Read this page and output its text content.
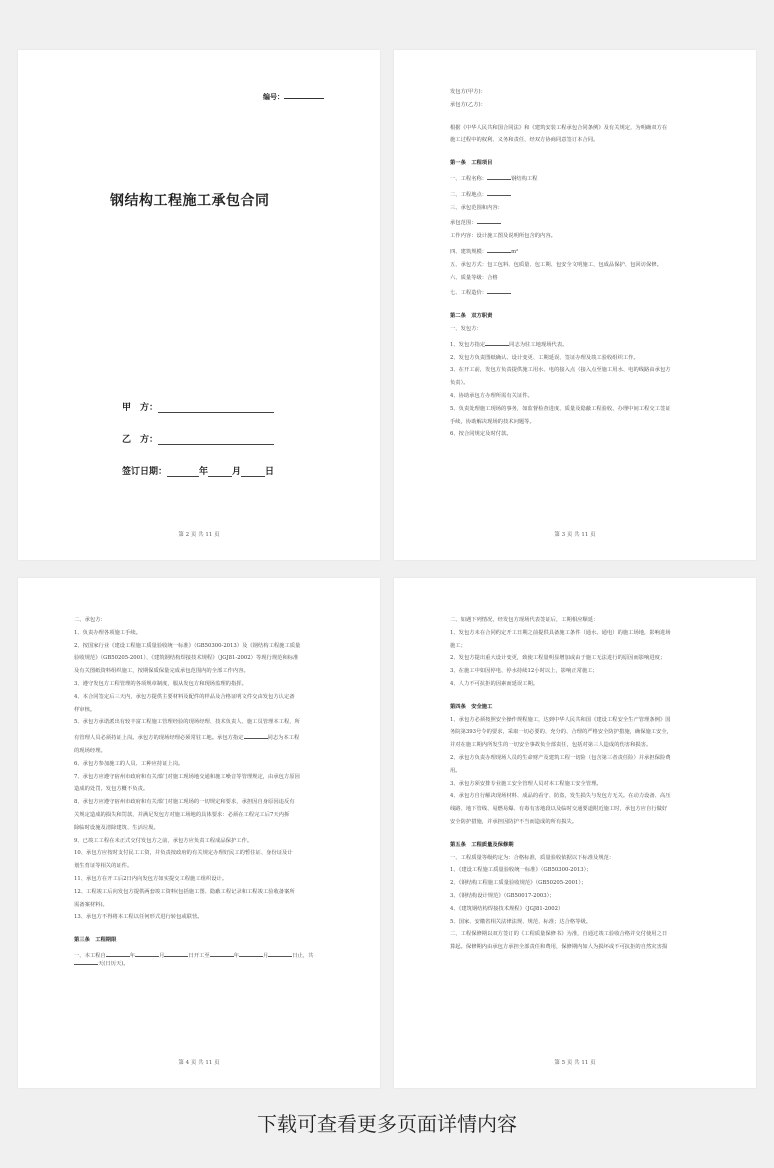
编号：
钢结构工程施工承包合同
甲　方：
乙　方：
签订日期：	年	月	日
第 2 页 共 11 页

发包方(甲方)：

承包方(乙方)：

根据《中华人民共和国合同法》和《建筑安装工程承包合同条例》及有关规定，为明确双方在

施工过程中的权利、义务和责任，经双方协商同意签订本合同。

第一条　工程项目

一、工程名称：	钢结构工程

二、工程地点：

三、承包范围和内容：

承包范围：

工作内容：设计施工图及说明所包含的内容。

四、建筑规模：	m²

五、承包方式：包工包料、包质量、包工期、包安全文明施工、包成品保护、包回访保修。

六、质量等级：合格

七、工程造价：

第二条　双方职责

一、发包方：

1、发包方指定	同志为驻工地现场代表。

2、发包方负责图纸确认、设计变更、工期延误、签证办理及竣工验收组织工作。

3、在开工前，发包方负责提供施工用水、电的接入点（接入点至施工用水、电的线路由承包方

负责）。

4、协助承包方办理所需有关证件。

5、负责处理施工现场的事务，如监督检查进度、质量及隐蔽工程验收，办理中间工程交工签证

手续，协助解决现场的技术问题等。

6、按合同规定及时付款。

第 3 页 共 11 页

二、承包方：

1、负责办理各项施工手续。

2、按国家行业《建设工程施工质量验收统一标准》（GB50300-2013）及《钢结构工程施工质量

验收规范》（GB50205-2001）、《建筑钢结构焊接技术规程》（JGJ81-2002）等现行规范和标准

及有关图纸资料组织施工，按期保质保量完成承包范围内的全部工作内容。

3、遵守发包方工程管理的各项规章制度，服从发包方和现场监理的指挥。

4、本合同签定后三天内，承包方提供主要材料及配件的样品及合格证明文件交由发包方认定备

样审核。

5、承包方承诺派出有较丰富工程施工管理经验的现场经理、技术负责人、施工员管理本工程，所

有管理人员必须持证上岗。承包方的现场经理必须常驻工地。承包方指定	同志为本工程

的现场经理。

6、承包方参加施工的人员、工种应持证上岗。

7、承包方应遵守宿州市政府和有关部门对施工现场地交通和施工噪音等管理规定，由承包方原因

造成的处罚，发包方概不负责。

8、承包方应遵守宿州市政府和有关部门对施工现场的一切规定和要求，承担因自身原因违反有

关规定造成的损失和罚款，并满足发包方对施工场地的具体要求：必须在工程完工后7天内拆

除临时设施及清除建筑、生活垃圾。

9、已竣工工程在未正式交付发包方之前，承包方应负责工程成品保护工作。

10、承包方应按时支付民工工资，并负责按政府的有关规定办理好民工的暂住证、身份证及计

划生育证等相关的证件。

11、承包方在开工后2日内向发包方如实提交工程施工组织设计。

12、工程竣工后向发包方提供两套竣工资料(包括施工图、隐蔽工程记录和工程竣工验收备案所

需备案材料)。

13、承包方不得将本工程以任何形式进行转包或联营。

第三条　工程期限

一、本工程自	年	月	日开工至	年	月	日止，共天(日历天)。

第 4 页 共 11 页

二、如遇下列情况，经发包方现场代表签证后，工期相应顺延：

1、发包方未在合同约定开工日期之前提供具备施工条件（通水、通电）的施工场地，影响进场

施工；

2、发包方提出重大设计变更，致使工程量明显增加或由于施工无法进行的原因而影响进度；

3、在施工中如因停电、停水持续12小时以上，影响正常施工；

4、人力不可抗拒的因素而延误工期。

第四条　安全施工

1、承包方必须按照安全操作规程施工，达到中华人民共和国《建设工程安全生产管理条例》国

务院第393号令的要求，采取一切必要的、充分的、合理的严格安全防护措施，确保施工安全，

并对在施工期内所发生的一切安全事故负全部责任，包括对第三人造成的伤害和损害。

2、承包方负责办理现场人员的生命财产及建筑工程一切险（包含第三者责任险）并承担保险费

用。

3、承包方须安排专业施工安全管理人员对本工程施工安全管理。

4、承包方自行解决现场材料、成品的看守、防盗，发生损失与发包方无关。在动力设备、高压

线路、地下管线、易燃易爆、有毒有害地段以及临时交通要道附近施工时，承包方应自行做好

安全防护措施，并承担因防护不当而造成的所有损失。

第五条　工程质量及保修期

一、工程质量等级约定为：合格标准，质量验收依据以下标准及规范：

1、《建设工程施工质量验收统一标准》（GB50300-2013）；

2、《钢结构工程施工质量验收规范》（GB50205-2001）；

3、《钢结构设计规范》（GB50017-2003）；

4、《建筑钢结构焊接技术规程》（JGJ81-2002）

5、国家、安徽省相关法律法规、规范、标准；达合格等级。

二、工程保修期以双方签订的《工程质量保修书》为准，自通过竣工验收合格并交付使用之日

算起。保修期内由承包方承担全部责任和费用，保修期内如人为损坏或不可抗拒的自然灾害损

第 5 页 共 11 页
下载可查看更多页面详情内容
